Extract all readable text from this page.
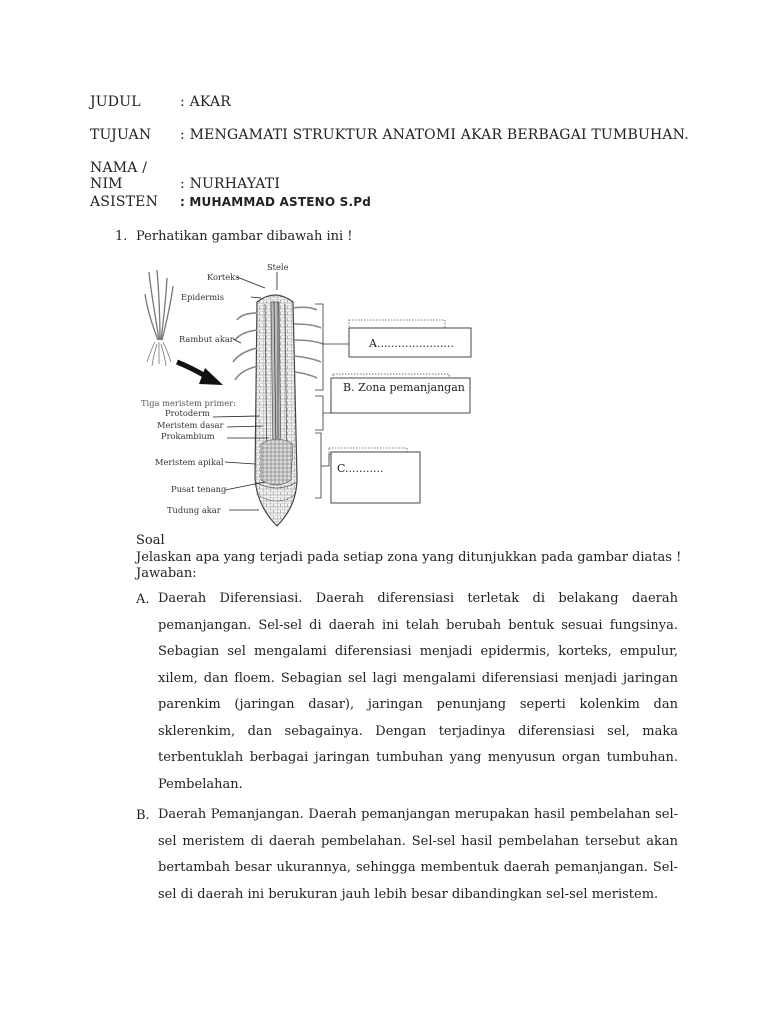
JUDUL	: AKAR
TUJUAN : MENGAMATI STRUKTUR ANATOMI AKAR BERBAGAI TUMBUHAN.
NAMA / NIM	: NURHAYATI
ASISTEN : MUHAMMAD ASTENO S.Pd
1. Perhatikan gambar dibawah ini !
Stele
Korteks
Epidermis
Rambut akar
Tiga meristem primer:
Protoderm
Meristem dasar
Prokambium
Meristem apikal
Pusat tenang
Tudung akar
A......................
B. Zona pemanjangan
C...........
Soal
Jelaskan apa yang terjadi pada setiap zona yang ditunjukkan pada gambar diatas !
Jawaban:
A. Daerah Diferensiasi. Daerah diferensiasi terletak di belakang daerah pemanjangan. Sel-sel di daerah ini telah berubah bentuk sesuai fungsinya. Sebagian sel mengalami diferensiasi menjadi epidermis, korteks, empulur, xilem, dan floem. Sebagian sel lagi mengalami diferensiasi menjadi jaringan parenkim (jaringan dasar), jaringan penunjang seperti kolenkim dan sklerenkim, dan sebagainya. Dengan terjadinya diferensiasi sel, maka terbentuklah berbagai jaringan tumbuhan yang menyusun organ tumbuhan. Pembelahan.
B. Daerah Pemanjangan. Daerah pemanjangan merupakan hasil pembelahan sel-sel meristem di daerah pembelahan. Sel-sel hasil pembelahan tersebut akan bertambah besar ukurannya, sehingga membentuk daerah pemanjangan. Sel-sel di daerah ini berukuran jauh lebih besar dibandingkan sel-sel meristem.
